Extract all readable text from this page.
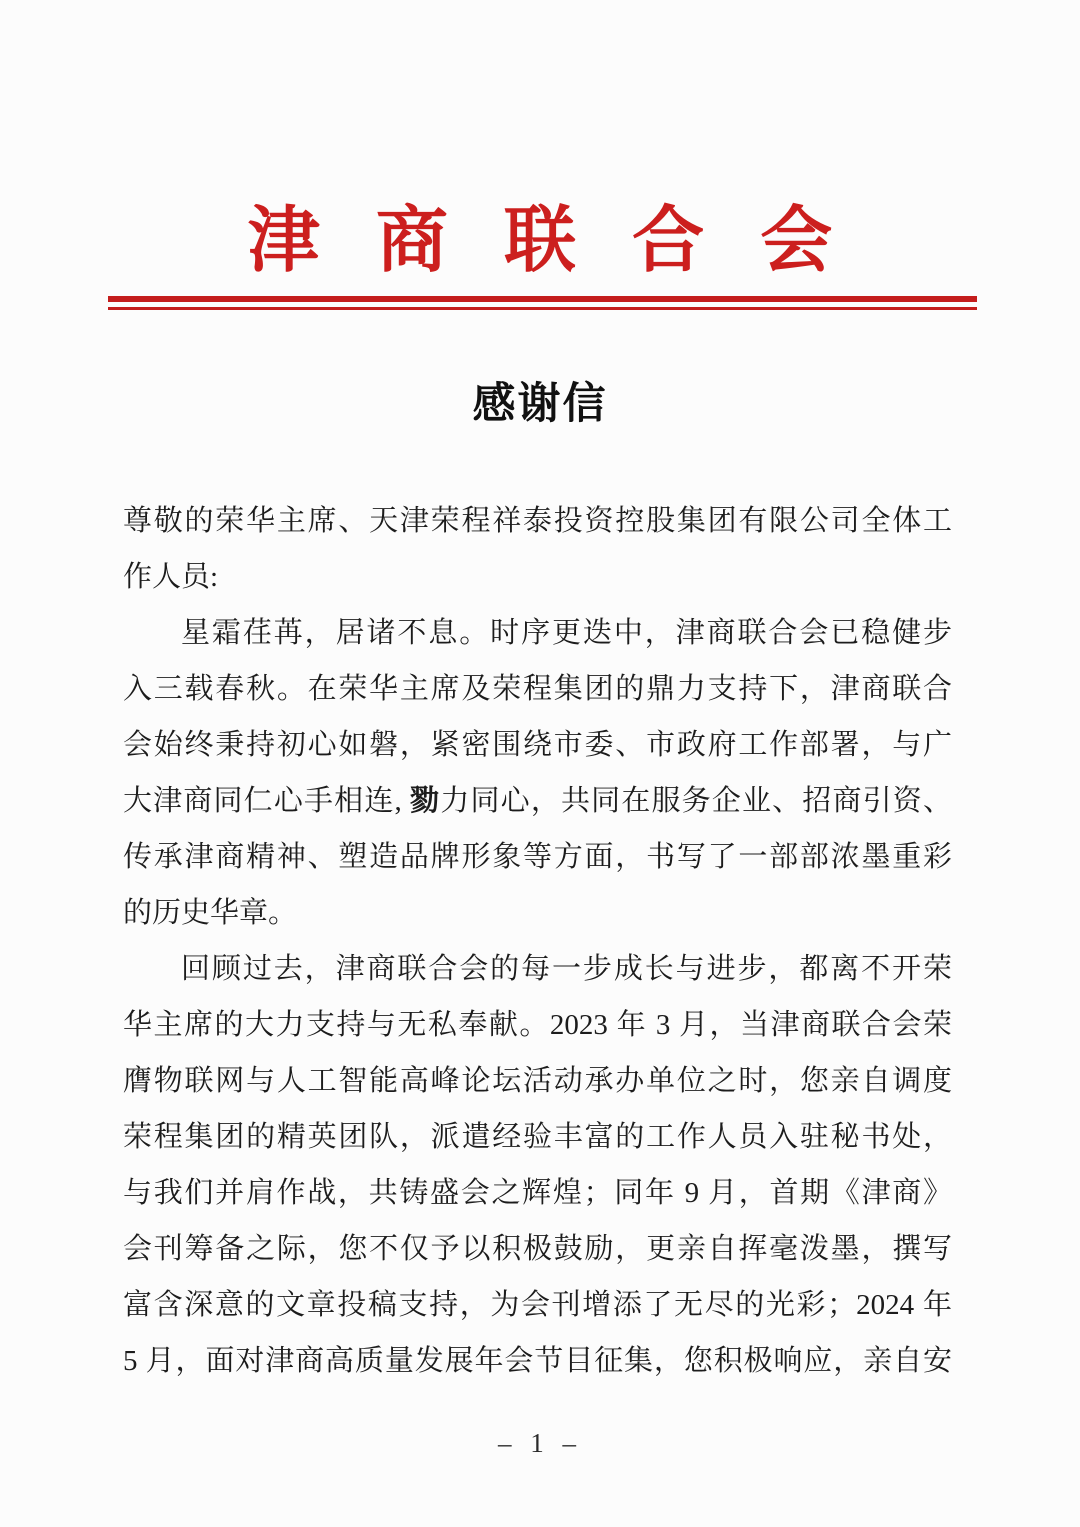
津商联合会
感谢信
尊敬的荣华主席、天津荣程祥泰投资控股集团有限公司全体工
作人员:
星霜荏苒，居诸不息。时序更迭中，津商联合会已稳健步
入三载春秋。在荣华主席及荣程集团的鼎力支持下，津商联合
会始终秉持初心如磐，紧密围绕市委、市政府工作部署，与广
大津商同仁心手相连, 勠力同心，共同在服务企业、招商引资、
传承津商精神、塑造品牌形象等方面，书写了一部部浓墨重彩
的历史华章。
回顾过去，津商联合会的每一步成长与进步，都离不开荣
华主席的大力支持与无私奉献。2023 年 3 月，当津商联合会荣
膺物联网与人工智能高峰论坛活动承办单位之时，您亲自调度
荣程集团的精英团队，派遣经验丰富的工作人员入驻秘书处，
与我们并肩作战，共铸盛会之辉煌；同年 9 月，首期《津商》
会刊筹备之际，您不仅予以积极鼓励，更亲自挥毫泼墨，撰写
富含深意的文章投稿支持，为会刊增添了无尽的光彩；2024 年
5 月，面对津商高质量发展年会节目征集，您积极响应，亲自安
– 1 –
